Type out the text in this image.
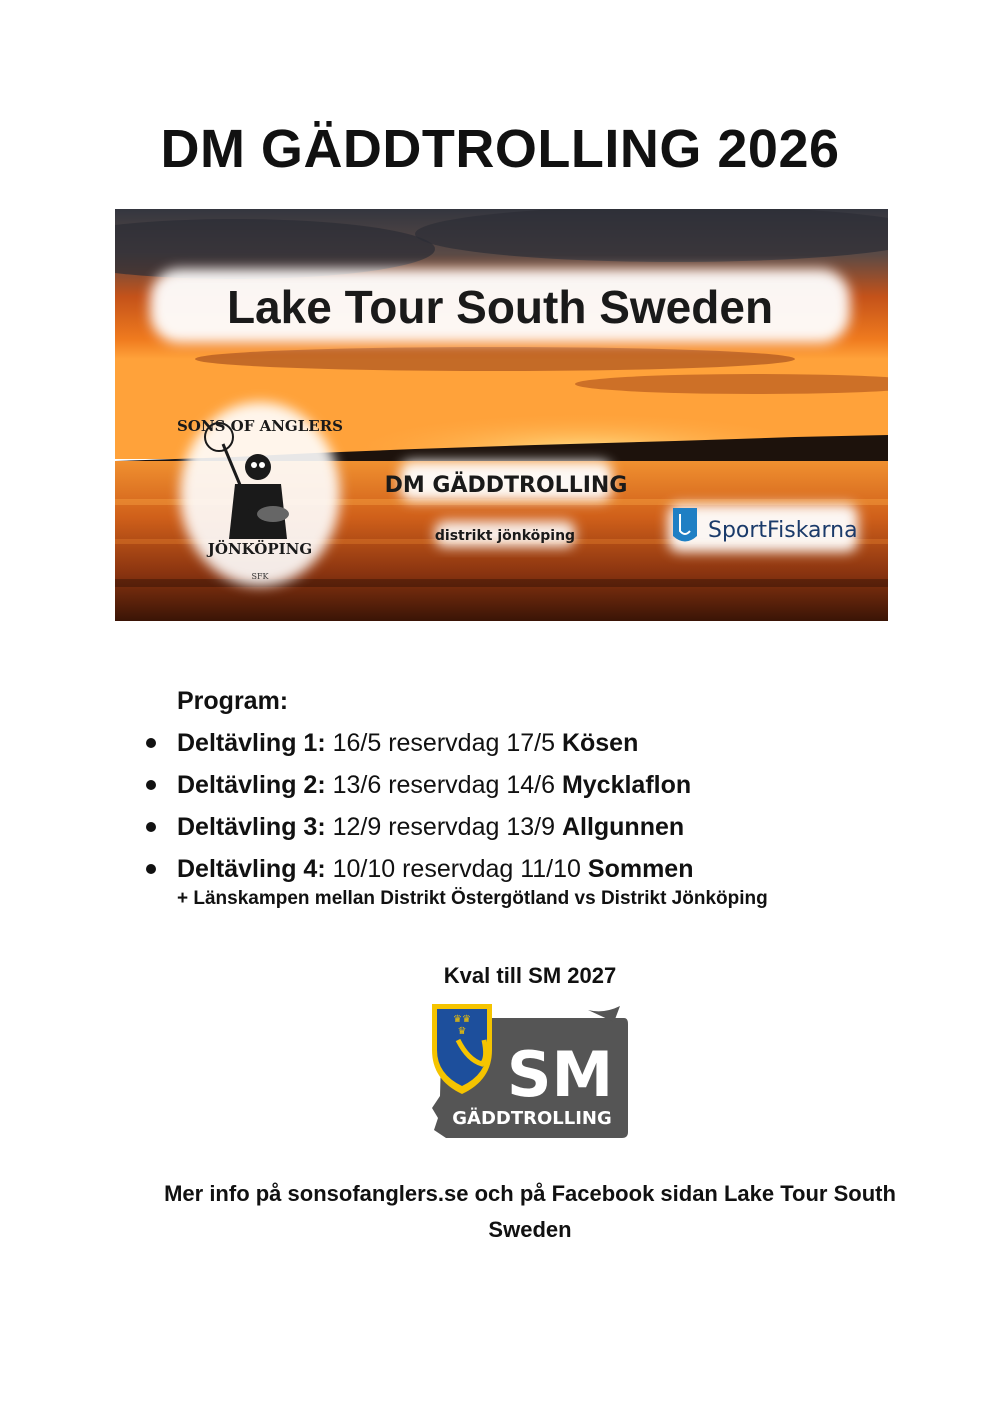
DM GÄDDTROLLING 2026
Lake Tour South Sweden
SONS OF ANGLERS
JÖNKÖPING
SFK
DM GÄDDTROLLING
distrikt jönköping	SportFiskarna
Program:
Deltävling 1: 16/5 reservdag 17/5 Kösen
Deltävling 2: 13/6 reservdag 14/6 Mycklaflon
Deltävling 3: 12/9 reservdag 13/9 Allgunnen
Deltävling 4: 10/10 reservdag 11/10 Sommen
+ Länskampen mellan Distrikt Östergötland vs Distrikt Jönköping
Kval till SM 2027
♛♛
♛
SM
GÄDDTROLLING
Mer info på sonsofanglers.se och på Facebook sidan Lake Tour South Sweden
